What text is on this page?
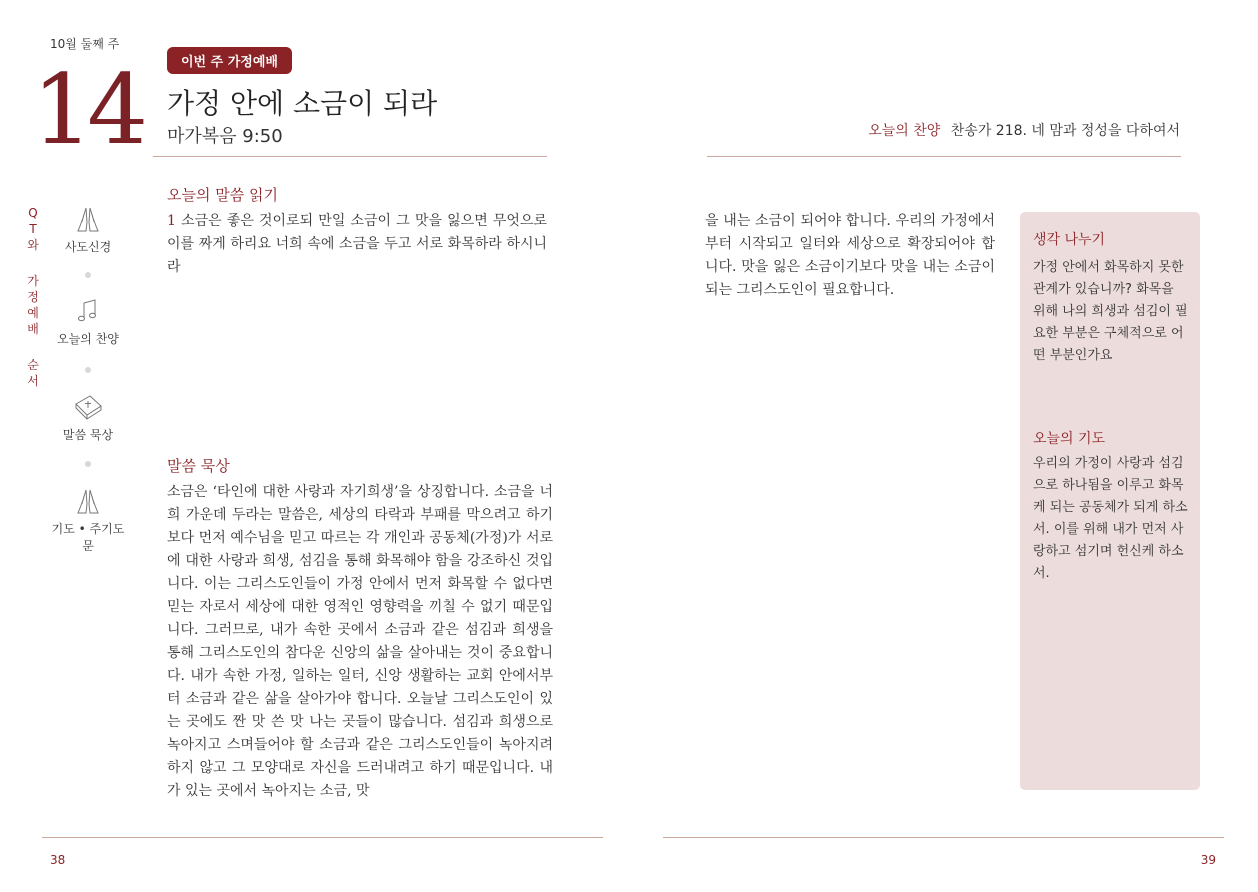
10월 둘째 주
14	이번 주 가정예배
가정 안에 소금이 되라
마가복음 9:50	오늘의 찬양 찬송가 218. 네 맘과 정성을 다하여서
Q
T
와
가
정
예
배
순
서
사도신경
오늘의 찬양
말씀 묵상
기도 • 주기도문
오늘의 말씀 읽기
1 소금은 좋은 것이로되 만일 소금이 그 맛을 잃으면 무엇으로 이를 짜게 하리요 너희 속에 소금을 두고 서로 화목하라 하시니라
말씀 묵상
소금은 ‘타인에 대한 사랑과 자기희생’을 상징합니다. 소금을 너희 가운데 두라는 말씀은, 세상의 타락과 부패를 막으려고 하기보다 먼저 예수님을 믿고 따르는 각 개인과 공동체(가정)가 서로에 대한 사랑과 희생, 섬김을 통해 화목해야 함을 강조하신 것입니다. 이는 그리스도인들이 가정 안에서 먼저 화목할 수 없다면 믿는 자로서 세상에 대한 영적인 영향력을 끼칠 수 없기 때문입니다. 그러므로, 내가 속한 곳에서 소금과 같은 섬김과 희생을 통해 그리스도인의 참다운 신앙의 삶을 살아내는 것이 중요합니다. 내가 속한 가정, 일하는 일터, 신앙 생활하는 교회 안에서부터 소금과 같은 삶을 살아가야 합니다. 오늘날 그리스도인이 있는 곳에도 짠 맛 쓴 맛 나는 곳들이 많습니다. 섬김과 희생으로 녹아지고 스며들어야 할 소금과 같은 그리스도인들이 녹아지려하지 않고 그 모양대로 자신을 드러내려고 하기 때문입니다. 내가 있는 곳에서 녹아지는 소금, 맛
을 내는 소금이 되어야 합니다. 우리의 가정에서부터 시작되고 일터와 세상으로 확장되어야 합니다. 맛을 잃은 소금이기보다 맛을 내는 소금이 되는 그리스도인이 필요합니다.
생각 나누기
가정 안에서 화목하지 못한 관계가 있습니까? 화목을 위해 나의 희생과 섬김이 필요한 부분은 구체적으로 어떤 부분인가요
오늘의 기도
우리의 가정이 사랑과 섬김으로 하나됨을 이루고 화목케 되는 공동체가 되게 하소서. 이를 위해 내가 먼저 사랑하고 섬기며 헌신케 하소서.
38	39
